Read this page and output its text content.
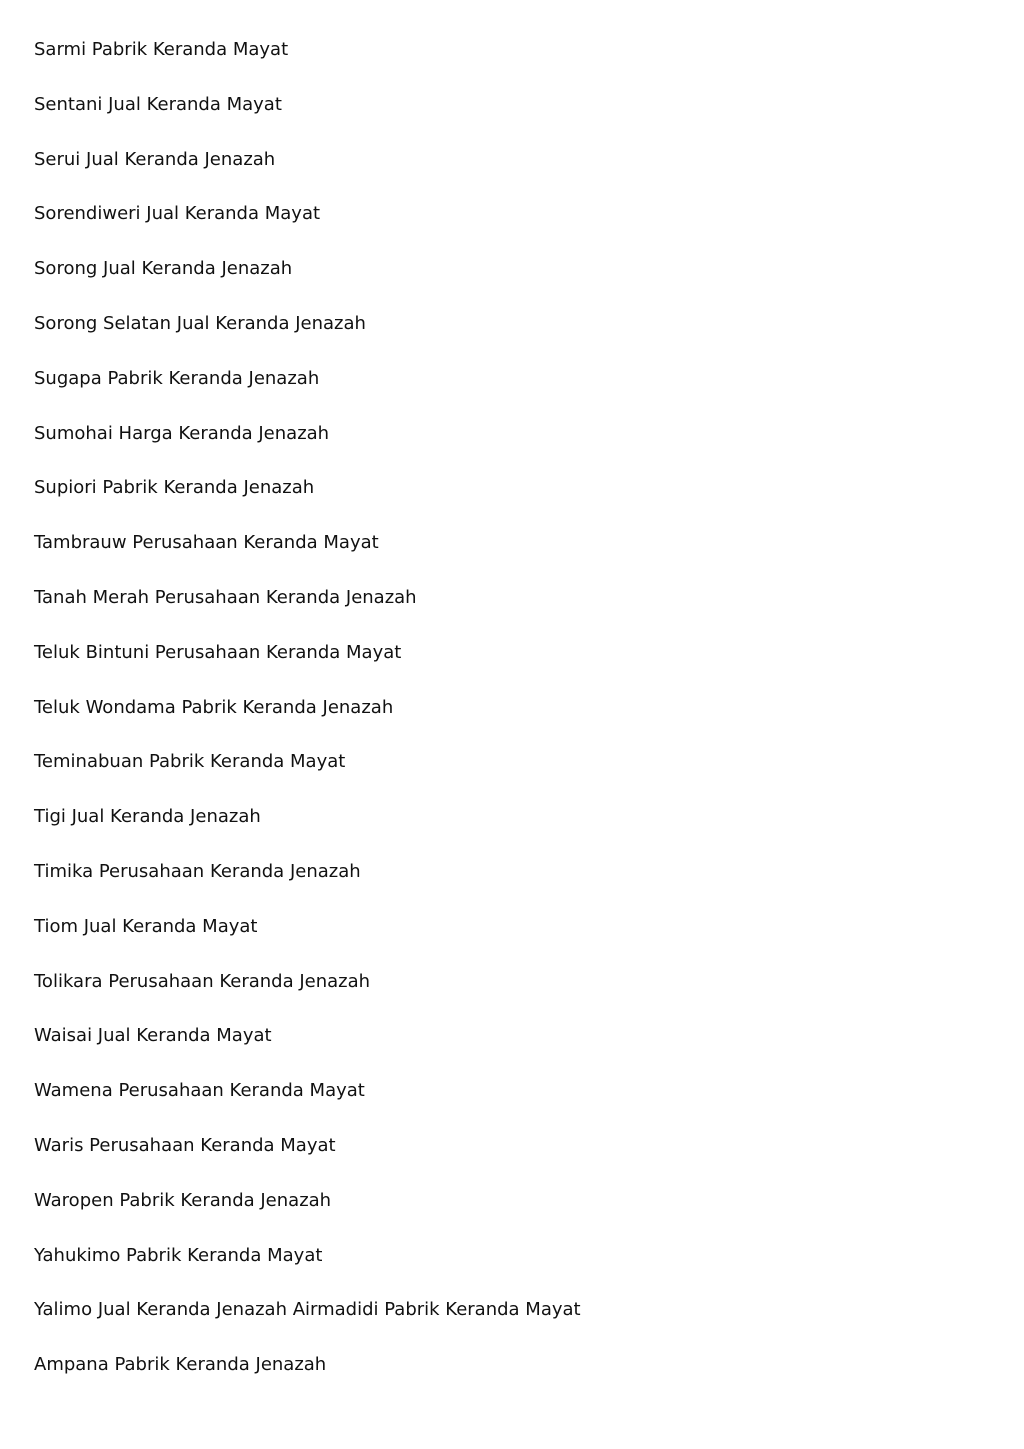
Sarmi Pabrik Keranda Mayat
Sentani Jual Keranda Mayat
Serui Jual Keranda Jenazah
Sorendiweri Jual Keranda Mayat
Sorong Jual Keranda Jenazah
Sorong Selatan Jual Keranda Jenazah
Sugapa Pabrik Keranda Jenazah
Sumohai Harga Keranda Jenazah
Supiori Pabrik Keranda Jenazah
Tambrauw Perusahaan Keranda Mayat
Tanah Merah Perusahaan Keranda Jenazah
Teluk Bintuni Perusahaan Keranda Mayat
Teluk Wondama Pabrik Keranda Jenazah
Teminabuan Pabrik Keranda Mayat
Tigi Jual Keranda Jenazah
Timika Perusahaan Keranda Jenazah
Tiom Jual Keranda Mayat
Tolikara Perusahaan Keranda Jenazah
Waisai Jual Keranda Mayat
Wamena Perusahaan Keranda Mayat
Waris Perusahaan Keranda Mayat
Waropen Pabrik Keranda Jenazah
Yahukimo Pabrik Keranda Mayat
Yalimo Jual Keranda Jenazah Airmadidi Pabrik Keranda Mayat
Ampana Pabrik Keranda Jenazah
